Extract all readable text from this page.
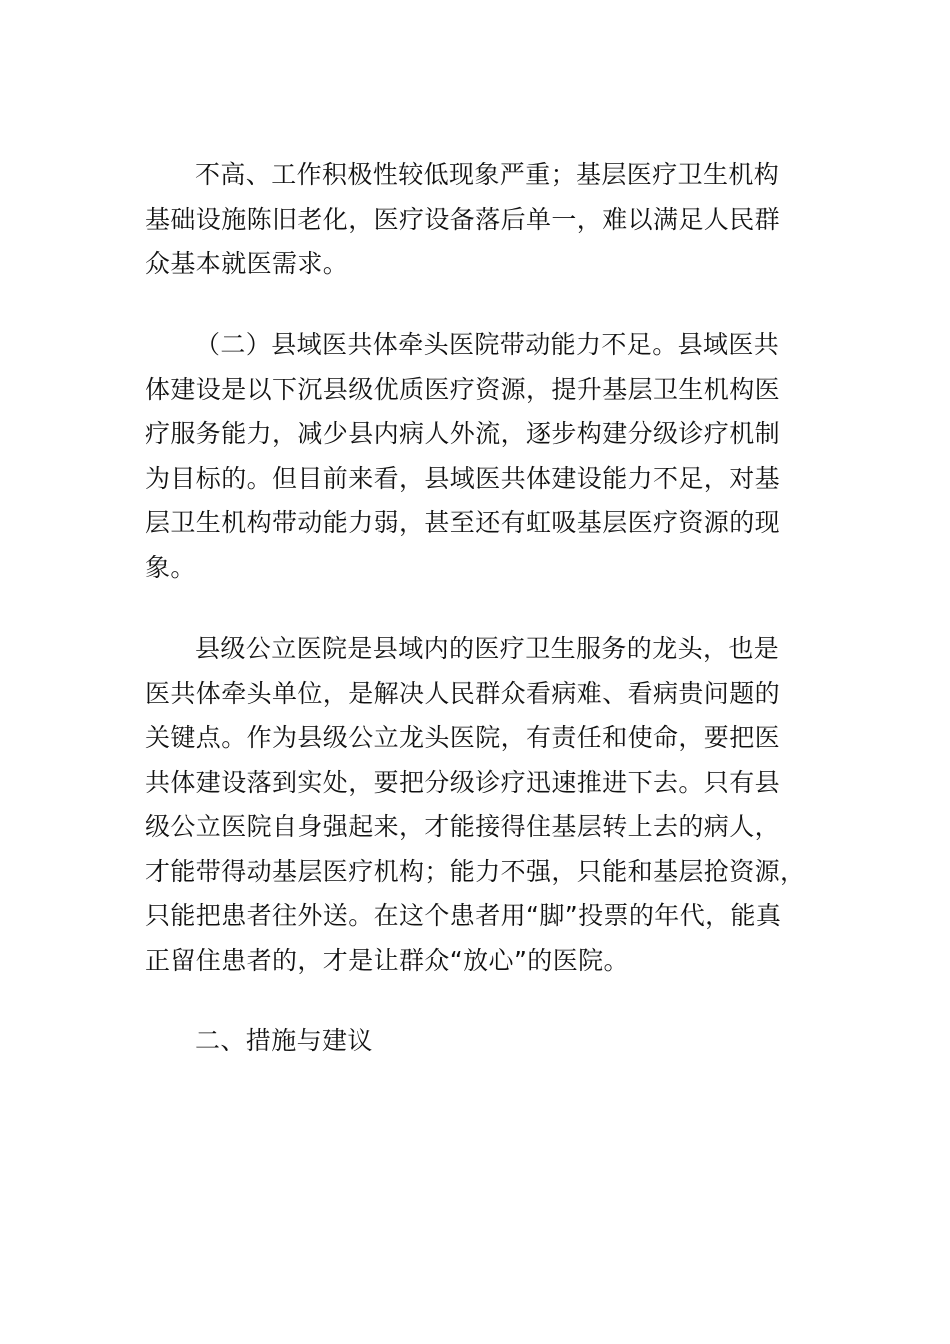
不高、工作积极性较低现象严重；基层医疗卫生机构
基础设施陈旧老化，医疗设备落后单一，难以满足人民群
众基本就医需求。

（二）县域医共体牵头医院带动能力不足。县域医共
体建设是以下沉县级优质医疗资源，提升基层卫生机构医
疗服务能力，减少县内病人外流，逐步构建分级诊疗机制
为目标的。但目前来看，县域医共体建设能力不足，对基
层卫生机构带动能力弱，甚至还有虹吸基层医疗资源的现
象。

县级公立医院是县域内的医疗卫生服务的龙头，也是
医共体牵头单位，是解决人民群众看病难、看病贵问题的
关键点。作为县级公立龙头医院，有责任和使命，要把医
共体建设落到实处，要把分级诊疗迅速推进下去。只有县
级公立医院自身强起来，才能接得住基层转上去的病人，
才能带得动基层医疗机构；能力不强，只能和基层抢资源，
只能把患者往外送。在这个患者用“脚”投票的年代，能真
正留住患者的，才是让群众“放心”的医院。

二、措施与建议
